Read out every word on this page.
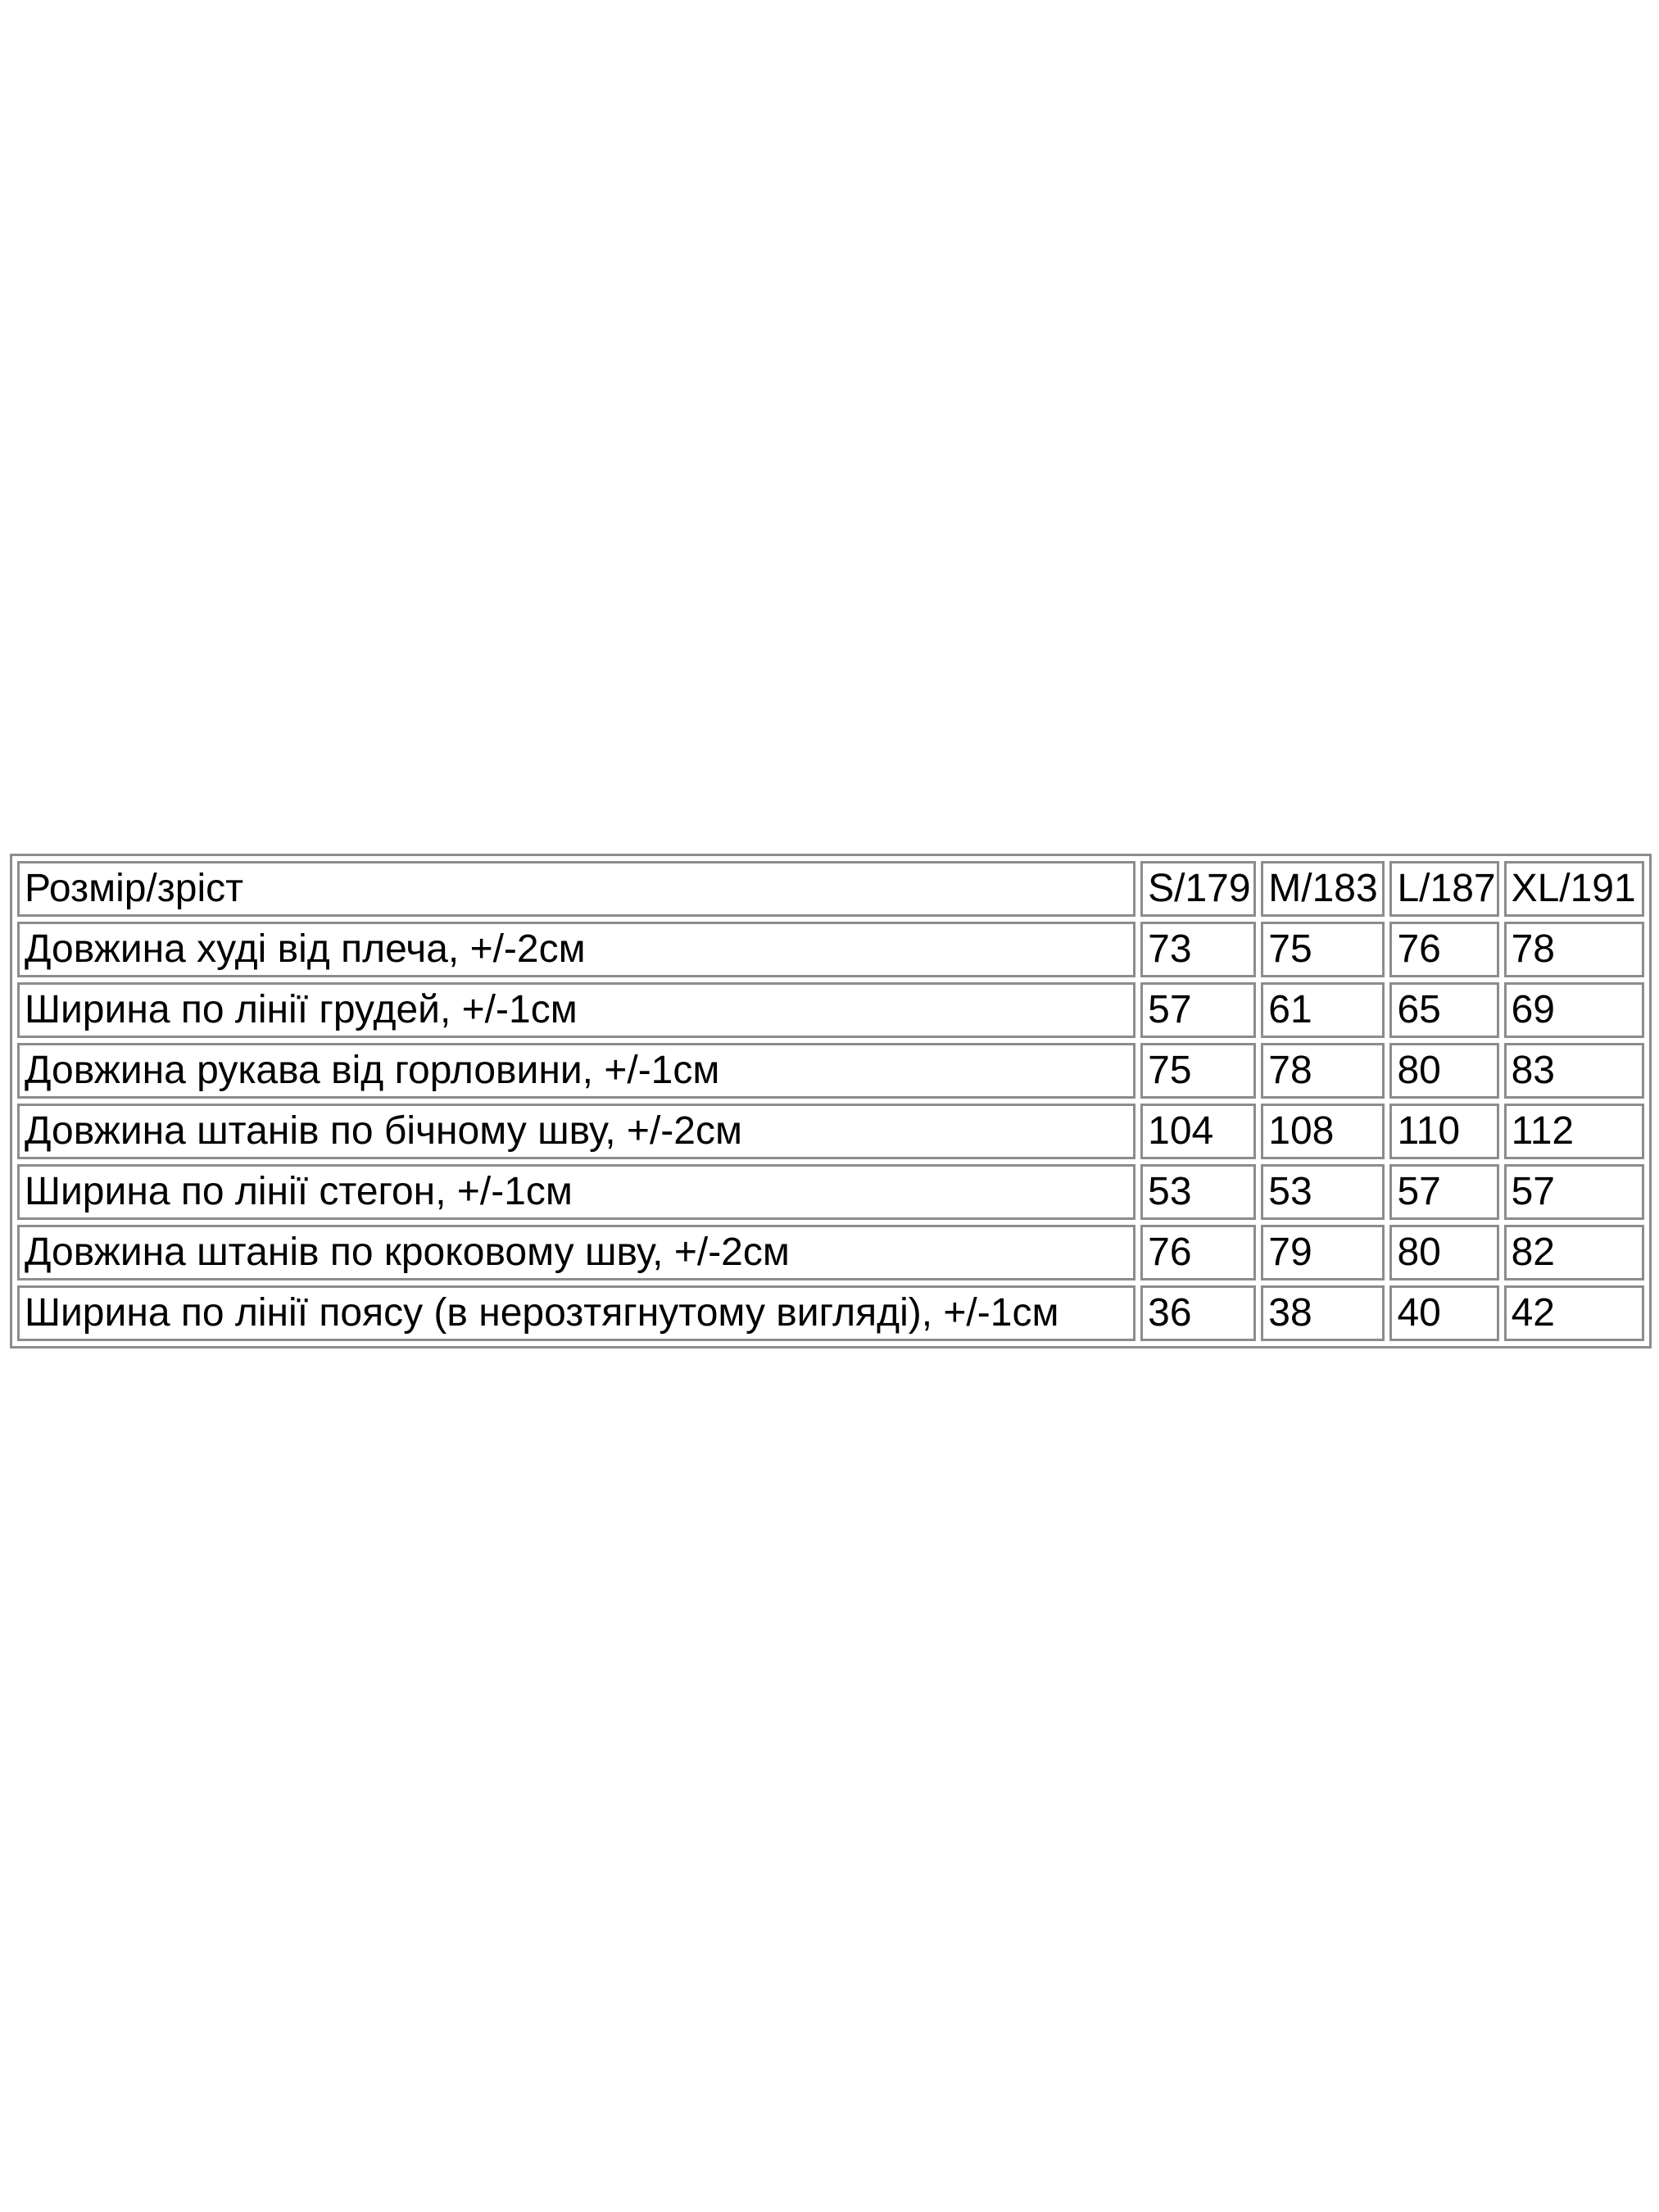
Розмір/зріст	S/179	M/183	L/187	XL/191
Довжина худі від плеча, +/-2см	73	75	76	78
Ширина по лінії грудей, +/-1см	57	61	65	69
Довжина рукава від горловини, +/-1см	75	78	80	83
Довжина штанів по бічному шву, +/-2см	104	108	110	112
Ширина по лінії стегон, +/-1см	53	53	57	57
Довжина штанів по кроковому шву, +/-2см	76	79	80	82
Ширина по лінії поясу (в нерозтягнутому вигляді), +/-1см	36	38	40	42
